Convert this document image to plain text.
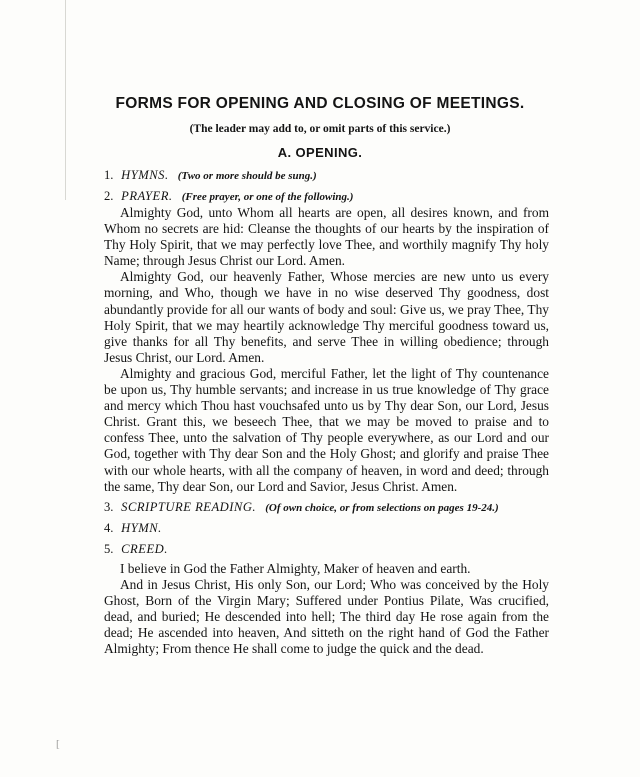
FORMS FOR OPENING AND CLOSING OF MEETINGS.
(The leader may add to, or omit parts of this service.)
A. OPENING.
1. HYMNS. (Two or more should be sung.)
2. PRAYER. (Free prayer, or one of the following.)

Almighty God, unto Whom all hearts are open, all desires known, and from Whom no secrets are hid: Cleanse the thoughts of our hearts by the inspiration of Thy Holy Spirit, that we may perfectly love Thee, and worthily magnify Thy holy Name; through Jesus Christ our Lord. Amen.

Almighty God, our heavenly Father, Whose mercies are new unto us every morning, and Who, though we have in no wise deserved Thy goodness, dost abundantly provide for all our wants of body and soul: Give us, we pray Thee, Thy Holy Spirit, that we may heartily acknowledge Thy merciful goodness toward us, give thanks for all Thy benefits, and serve Thee in willing obedience; through Jesus Christ, our Lord. Amen.

Almighty and gracious God, merciful Father, let the light of Thy countenance be upon us, Thy humble servants; and increase in us true knowledge of Thy grace and mercy which Thou hast vouchsafed unto us by Thy dear Son, our Lord, Jesus Christ. Grant this, we beseech Thee, that we may be moved to praise and to confess Thee, unto the salvation of Thy people everywhere, as our Lord and our God, together with Thy dear Son and the Holy Ghost; and glorify and praise Thee with our whole hearts, with all the company of heaven, in word and deed; through the same, Thy dear Son, our Lord and Savior, Jesus Christ. Amen.

3. SCRIPTURE READING. (Of own choice, or from selections on pages 19-24.)
4. HYMN.
5. CREED.

I believe in God the Father Almighty, Maker of heaven and earth.

And in Jesus Christ, His only Son, our Lord; Who was conceived by the Holy Ghost, Born of the Virgin Mary; Suffered under Pontius Pilate, Was crucified, dead, and buried; He descended into hell; The third day He rose again from the dead; He ascended into heaven, And sitteth on the right hand of God the Father Almighty; From thence He shall come to judge the quick and the dead.

[
